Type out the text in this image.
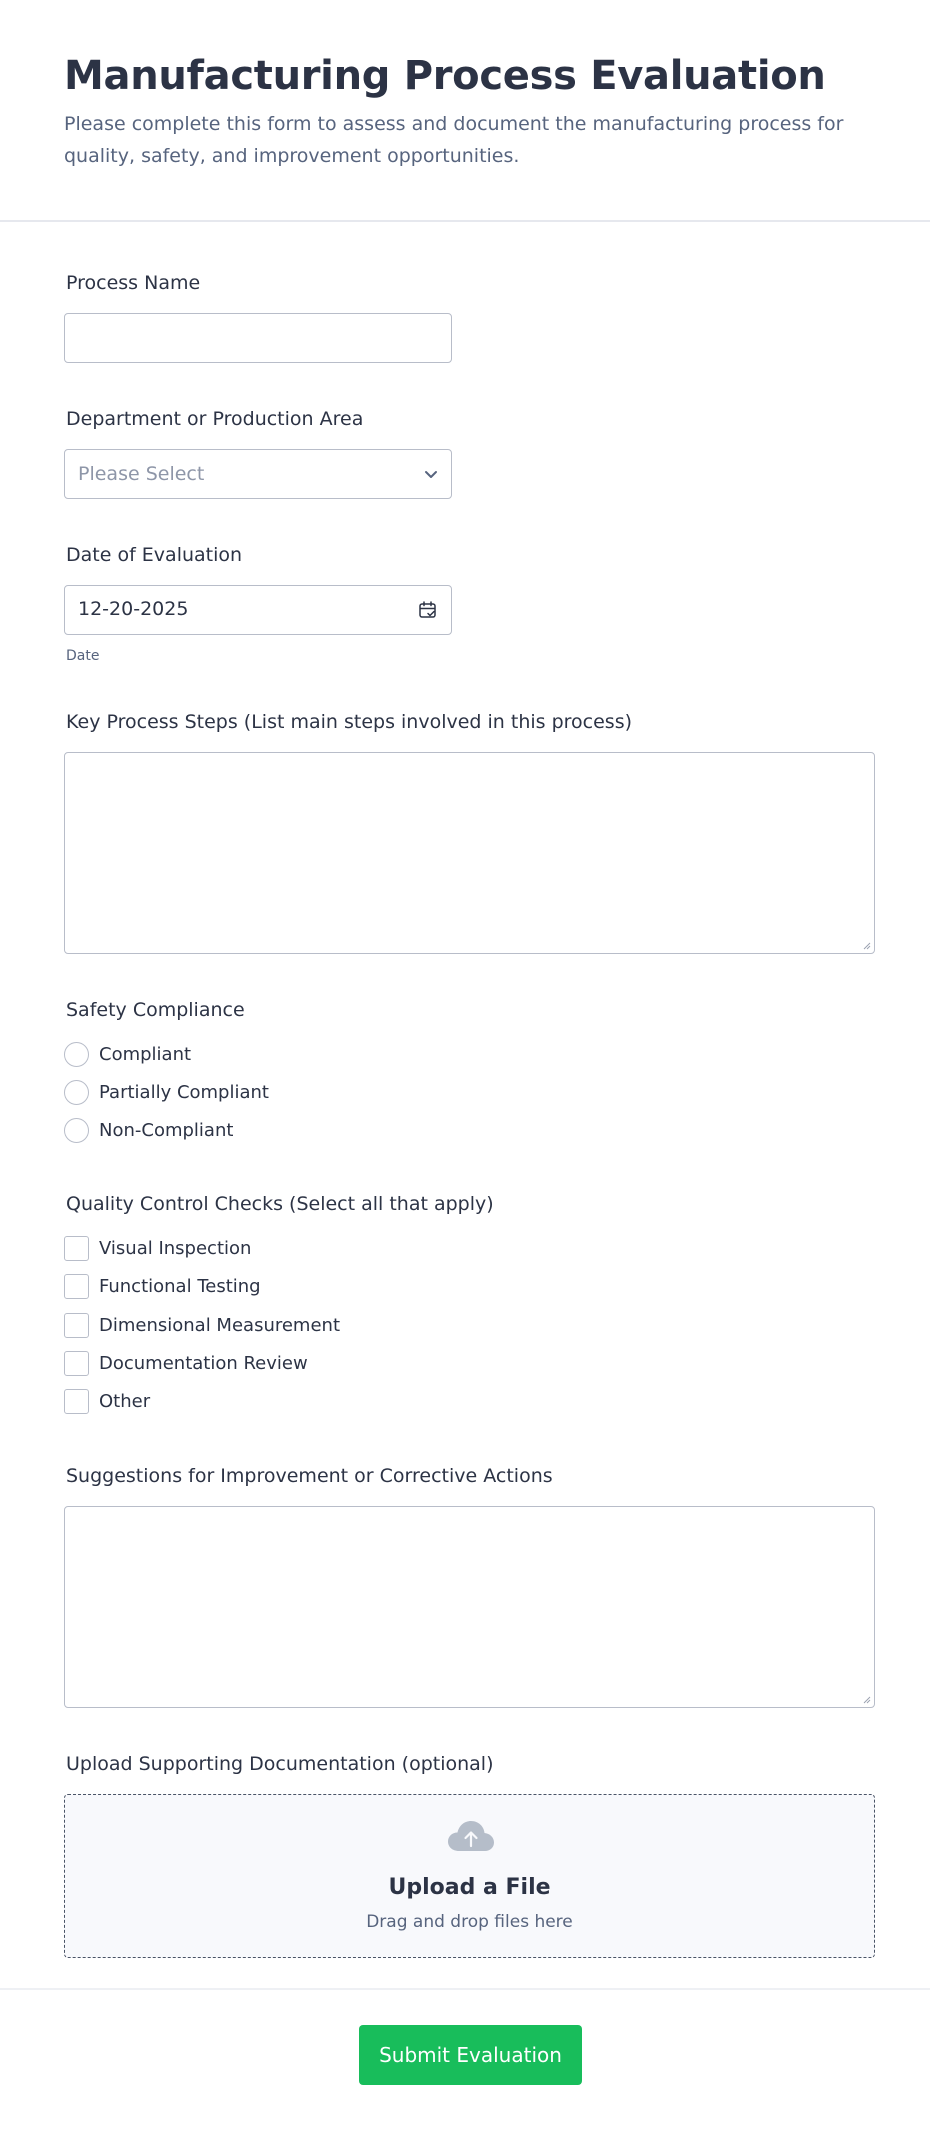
Manufacturing Process Evaluation
Please complete this form to assess and document the manufacturing process for quality, safety, and improvement opportunities.
Process Name
Department or Production Area
Please Select
Date of Evaluation
12-20-2025
Date
Key Process Steps (List main steps involved in this process)
Safety Compliance
Compliant
Partially Compliant
Non-Compliant
Quality Control Checks (Select all that apply)
Visual Inspection
Functional Testing
Dimensional Measurement
Documentation Review
Other
Suggestions for Improvement or Corrective Actions
Upload Supporting Documentation (optional)
Upload a File
Drag and drop files here
Submit Evaluation
